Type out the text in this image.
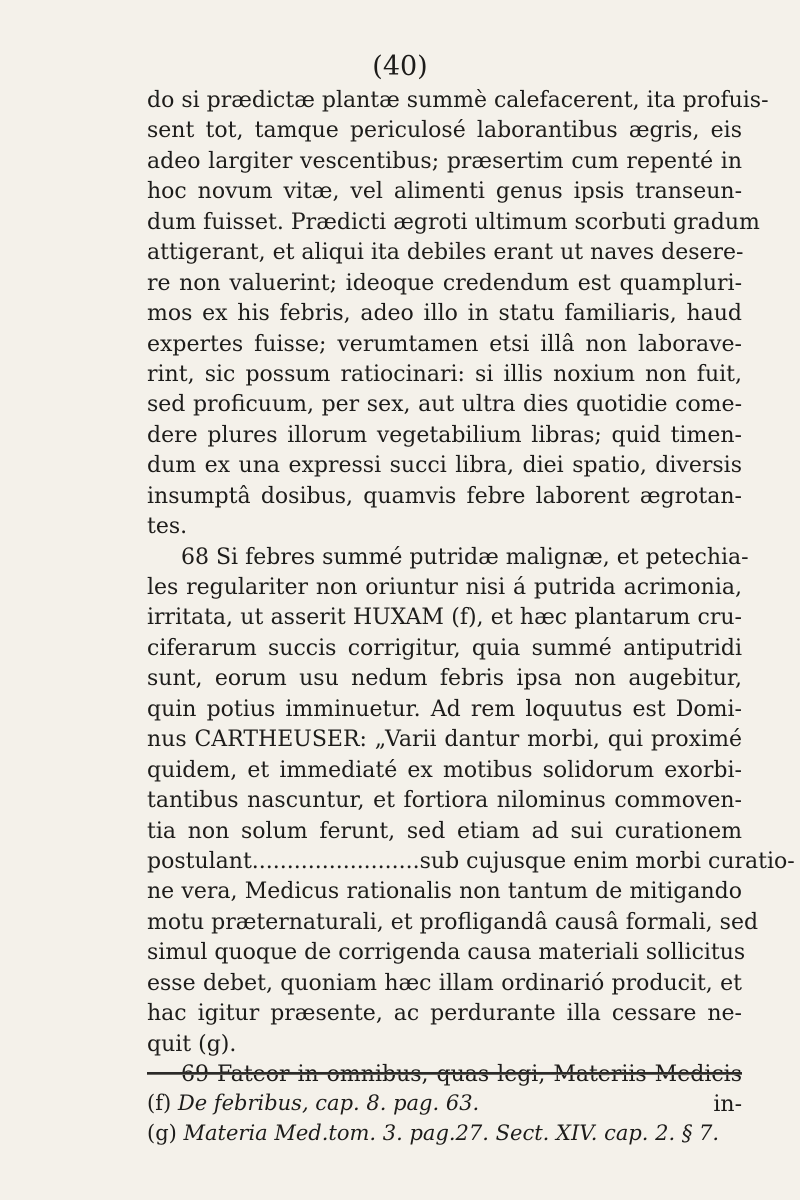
(40)
do si prædictæ plantæ summè calefacerent, ita profuis-
sent tot, tamque periculosé laborantibus ægris, eis
adeo largiter vescentibus; præsertim cum repenté in
hoc novum vitæ, vel alimenti genus ipsis transeun-
dum fuisset. Prædicti ægroti ultimum scorbuti gradum
attigerant, et aliqui ita debiles erant ut naves desere-
re non valuerint; ideoque credendum est quampluri-
mos ex his febris, adeo illo in statu familiaris, haud
expertes fuisse; verumtamen etsi illâ non laborave-
rint, sic possum ratiocinari: si illis noxium non fuit,
sed proficuum, per sex, aut ultra dies quotidie come-
dere plures illorum vegetabilium libras; quid timen-
dum ex una expressi succi libra, diei spatio, diversis
insumptâ dosibus, quamvis febre laborent ægrotan-
tes.
68 Si febres summé putridæ malignæ, et petechia-
les regulariter non oriuntur nisi á putrida acrimonia,
irritata, ut asserit HUXAM (f), et hæc plantarum cru-
ciferarum succis corrigitur, quia summé antiputridi
sunt, eorum usu nedum febris ipsa non augebitur,
quin potius imminuetur. Ad rem loquutus est Domi-
nus CARTHEUSER: „Varii dantur morbi, qui proximé
quidem, et immediaté ex motibus solidorum exorbi-
tantibus nascuntur, et fortiora nilominus commoven-
tia non solum ferunt, sed etiam ad sui curationem
postulant........................sub cujusque enim morbi curatio-
ne vera, Medicus rationalis non tantum de mitigando
motu præternaturali, et profligandâ causâ formali, sed
simul quoque de corrigenda causa materiali sollicitus
esse debet, quoniam hæc illam ordinarió producit, et
hac igitur præsente, ac perdurante illa cessare ne-
quit (g).
in-
(f) De febribus, cap. 8. pag. 63.
(g) Materia Med.tom. 3. pag.27. Sect. XIV. cap. 2. § 7.
